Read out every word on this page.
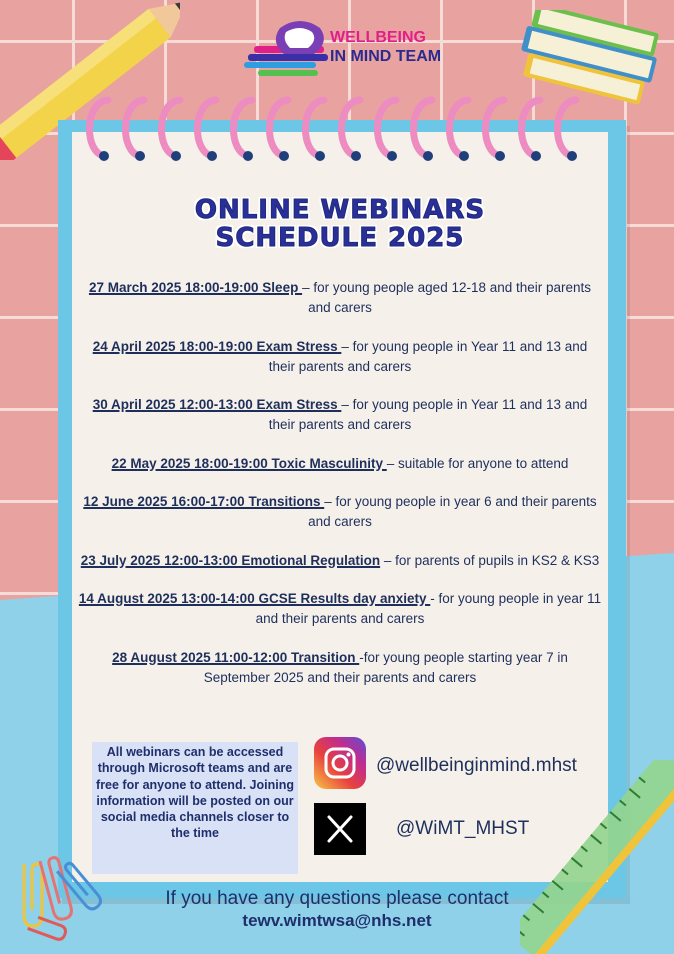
WELLBEING
IN MIND TEAM
ONLINE WEBINARS
SCHEDULE 2025
27 March 2025 18:00-19:00 Sleep – for young people aged 12-18 and their parents and carers
24 April 2025 18:00-19:00 Exam Stress – for young people in Year 11 and 13 and their parents and carers
30 April 2025 12:00-13:00 Exam Stress – for young people in Year 11 and 13 and their parents and carers
22 May 2025 18:00-19:00 Toxic Masculinity – suitable for anyone to attend
12 June 2025 16:00-17:00 Transitions – for young people in year 6 and their parents and carers
23 July 2025 12:00-13:00 Emotional Regulation – for parents of pupils in KS2 & KS3
14 August 2025 13:00-14:00 GCSE Results day anxiety - for young people in year 11 and their parents and carers
28 August 2025 11:00-12:00 Transition -for young people starting year 7 in September 2025 and their parents and carers
All webinars can be accessed through Microsoft teams and are free for anyone to attend. Joining information will be posted on our social media channels closer to the time
@wellbeinginmind.mhst
@WiMT_MHST
If you have any questions please contact
tewv.wimtwsa@nhs.net
